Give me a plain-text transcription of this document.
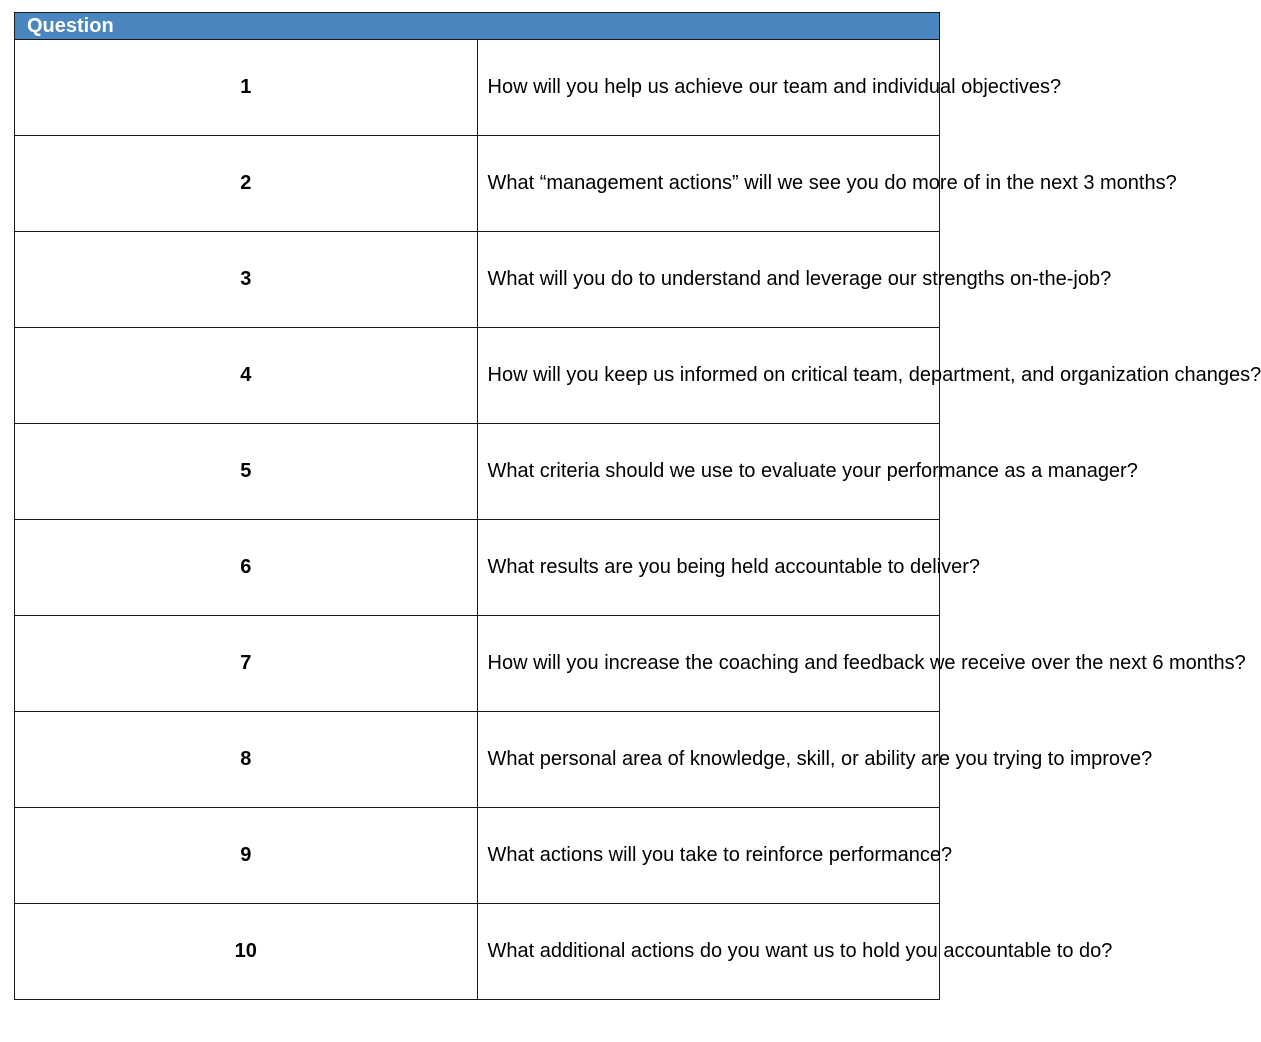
Question	
1	How will you help us achieve our team and individual objectives?
2	What “management actions” will we see you do more of in the next 3 months?
3	What will you do to understand and leverage our strengths on-the-job?
4	How will you keep us informed on critical team, department, and organization changes?
5	What criteria should we use to evaluate your performance as a manager?
6	What results are you being held accountable to deliver?
7	How will you increase the coaching and feedback we receive over the next 6 months?
8	What personal area of knowledge, skill, or ability are you trying to improve?
9	What actions will you take to reinforce performance?
10	What additional actions do you want us to hold you accountable to do?
